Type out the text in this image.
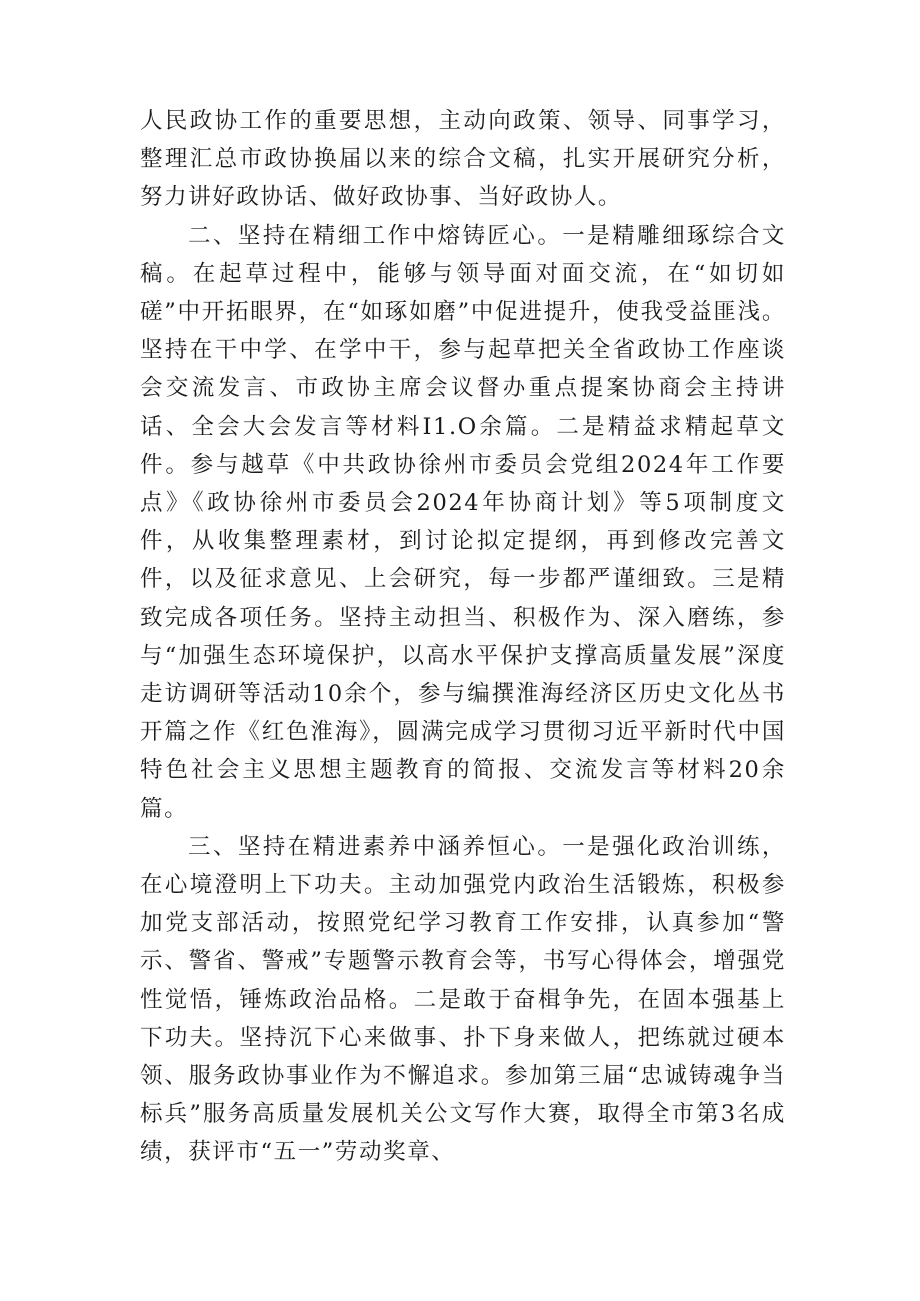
人民政协工作的重要思想，主动向政策、领导、同事学习，整理汇总市政协换届以来的综合文稿，扎实开展研究分析，努力讲好政协话、做好政协事、当好政协人。

二、坚持在精细工作中熔铸匠心。一是精雕细琢综合文稿。在起草过程中，能够与领导面对面交流，在“如切如磋”中开拓眼界，在“如琢如磨”中促进提升，使我受益匪浅。坚持在干中学、在学中干，参与起草把关全省政协工作座谈会交流发言、市政协主席会议督办重点提案协商会主持讲话、全会大会发言等材料I1.O余篇。二是精益求精起草文件。参与越草《中共政协徐州市委员会党组2024年工作要点》《政协徐州市委员会2024年协商计划》等5项制度文件，从收集整理素材，到讨论拟定提纲，再到修改完善文件，以及征求意见、上会研究，每一步都严谨细致。三是精致完成各项任务。坚持主动担当、积极作为、深入磨练，参与“加强生态环境保护，以高水平保护支撑高质量发展”深度走访调研等活动10余个，参与编撰淮海经济区历史文化丛书开篇之作《红色淮海》，圆满完成学习贯彻习近平新时代中国特色社会主义思想主题教育的简报、交流发言等材料20余篇。

三、坚持在精进素养中涵养恒心。一是强化政治训练，在心境澄明上下功夫。主动加强党内政治生活锻炼，积极参加党支部活动，按照党纪学习教育工作安排，认真参加“警示、警省、警戒”专题警示教育会等，书写心得体会，增强党性觉悟，锤炼政治品格。二是敢于奋楫争先，在固本强基上下功夫。坚持沉下心来做事、扑下身来做人，把练就过硬本领、服务政协事业作为不懈追求。参加第三届“忠诚铸魂争当标兵”服务高质量发展机关公文写作大赛，取得全市第3名成绩，获评市“五一”劳动奖章、
